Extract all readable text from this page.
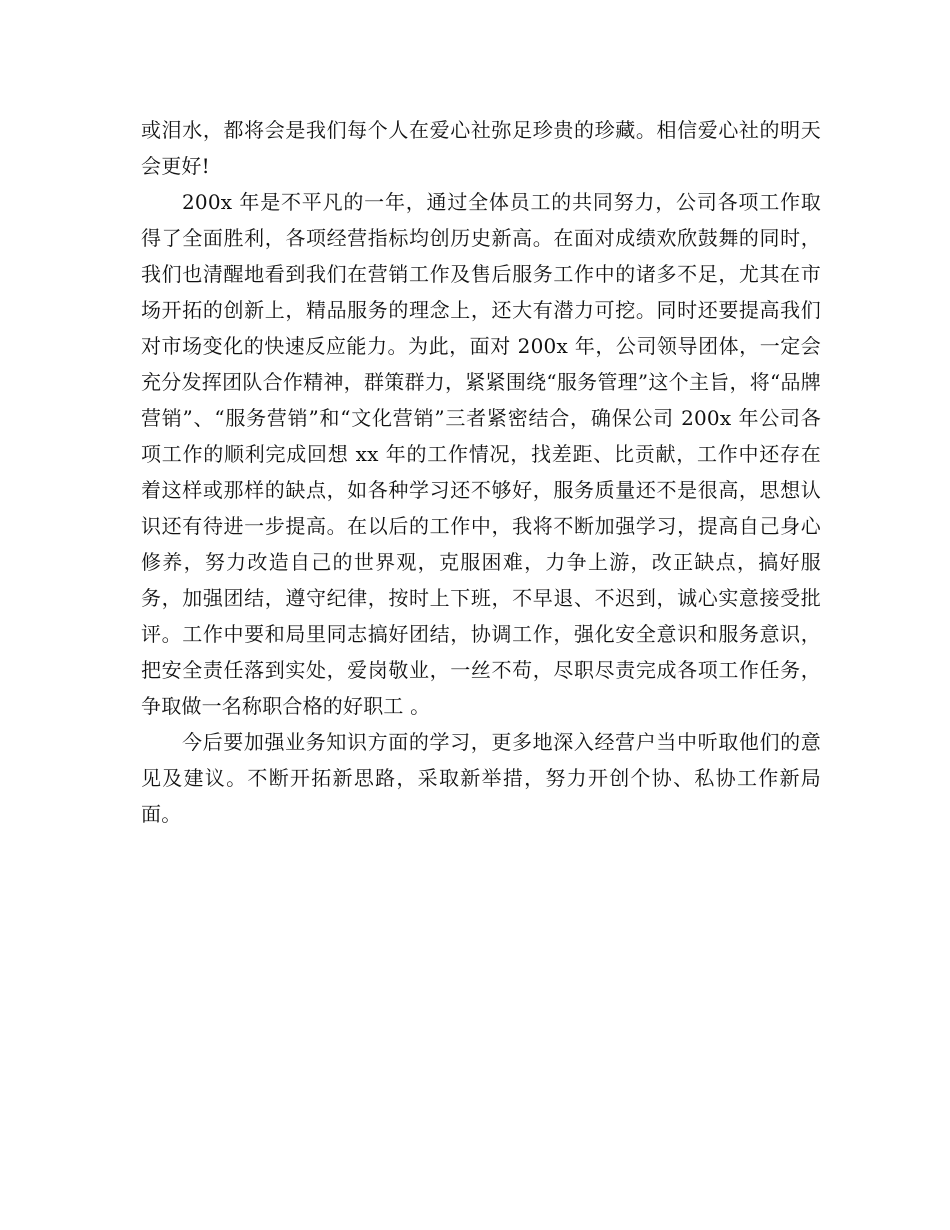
或泪水，都将会是我们每个人在爱心社弥足珍贵的珍藏。相信爱心社的明天会更好!

200x 年是不平凡的一年，通过全体员工的共同努力，公司各项工作取得了全面胜利，各项经营指标均创历史新高。在面对成绩欢欣鼓舞的同时，我们也清醒地看到我们在营销工作及售后服务工作中的诸多不足，尤其在市场开拓的创新上，精品服务的理念上，还大有潜力可挖。同时还要提高我们对市场变化的快速反应能力。为此，面对 200x 年，公司领导团体，一定会充分发挥团队合作精神，群策群力，紧紧围绕“服务管理”这个主旨，将“品牌营销”、“服务营销”和“文化营销”三者紧密结合，确保公司 200x 年公司各项工作的顺利完成回想 xx 年的工作情况，找差距、比贡献，工作中还存在着这样或那样的缺点，如各种学习还不够好，服务质量还不是很高，思想认识还有待进一步提高。在以后的工作中，我将不断加强学习，提高自己身心修养，努力改造自己的世界观，克服困难，力争上游，改正缺点，搞好服务，加强团结，遵守纪律，按时上下班，不早退、不迟到，诚心实意接受批评。工作中要和局里同志搞好团结，协调工作，强化安全意识和服务意识，把安全责任落到实处，爱岗敬业，一丝不苟，尽职尽责完成各项工作任务，争取做一名称职合格的好职工 。

今后要加强业务知识方面的学习，更多地深入经营户当中听取他们的意见及建议。不断开拓新思路，采取新举措，努力开创个协、私协工作新局面。
